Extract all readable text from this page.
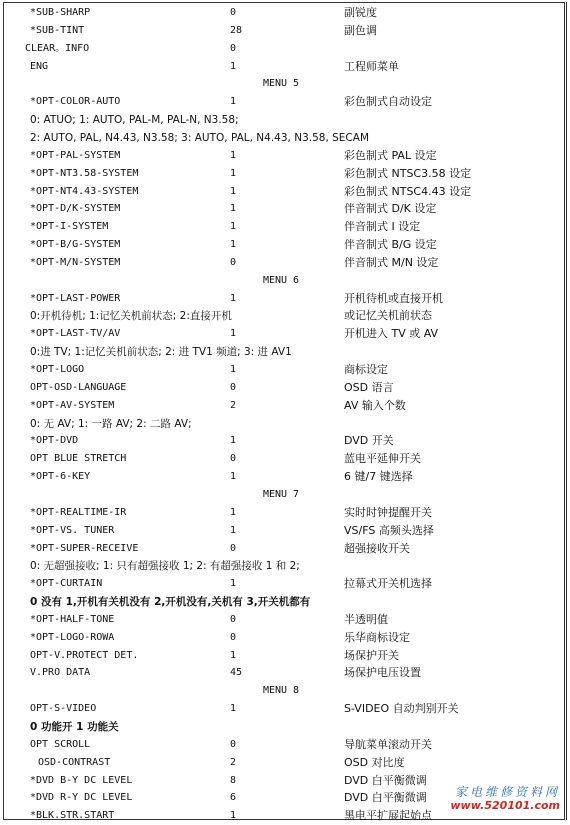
*SUB-SHARP	0	副锐度
*SUB-TINT	28	副色调
CLEAR。INFO	0
ENG	1	工程师菜单
MENU 5
*OPT-COLOR-AUTO	1	彩色制式自动设定
0: ATUO; 1: AUTO, PAL-M, PAL-N, N3.58;
2: AUTO, PAL, N4.43, N3.58; 3: AUTO, PAL, N4.43, N3.58, SECAM
*OPT-PAL-SYSTEM	1	彩色制式 PAL 设定
*OPT-NT3.58-SYSTEM	1	彩色制式 NTSC3.58 设定
*OPT-NT4.43-SYSTEM	1	彩色制式 NTSC4.43 设定
*OPT-D/K-SYSTEM	1	伴音制式 D/K 设定
*OPT-I-SYSTEM	1	伴音制式 I 设定
*OPT-B/G-SYSTEM	1	伴音制式 B/G 设定
*OPT-M/N-SYSTEM	0	伴音制式 M/N 设定
MENU 6
*OPT-LAST-POWER	1	开机待机或直接开机
0:开机待机; 1:记忆关机前状态; 2:直接开机	或记忆关机前状态
*OPT-LAST-TV/AV	1	开机进入 TV 或 AV
0:进 TV; 1:记忆关机前状态; 2: 进 TV1 频道; 3: 进 AV1
*OPT-LOGO	1	商标设定
OPT-OSD-LANGUAGE	0	OSD 语言
*OPT-AV-SYSTEM	2	AV 输入个数
0: 无 AV; 1: 一路 AV; 2: 二路 AV;
*OPT-DVD	1	DVD 开关
OPT BLUE STRETCH	0	蓝电平延伸开关
*OPT-6-KEY	1	6 键/7 键选择
MENU 7
*OPT-REALTIME-IR	1	实时时钟提醒开关
*OPT-VS. TUNER	1	VS/FS 高频头选择
*OPT-SUPER-RECEIVE	0	超强接收开关
0: 无超强接收; 1: 只有超强接收 1; 2: 有超强接收 1 和 2;
*OPT-CURTAIN	1	拉幕式开关机选择
0 没有 1,开机有关机没有 2,开机没有,关机有 3,开关机都有
*OPT-HALF-TONE	0	半透明值
*OPT-LOGO-ROWA	0	乐华商标设定
OPT-V.PROTECT DET.	1	场保护开关
V.PRO DATA	45	场保护电压设置
MENU 8
OPT-S-VIDEO	1	S-VIDEO 自动判别开关
0 功能开 1 功能关
OPT SCROLL	0	导航菜单滚动开关
OSD-CONTRAST	2	OSD 对比度
*DVD B-Y DC LEVEL	8	DVD 白平衡微调
*DVD R-Y DC LEVEL	6	DVD 白平衡微调
*BLK.STR.START	1	黑电平扩展起始点
家电维修资料网
www.520101.com
